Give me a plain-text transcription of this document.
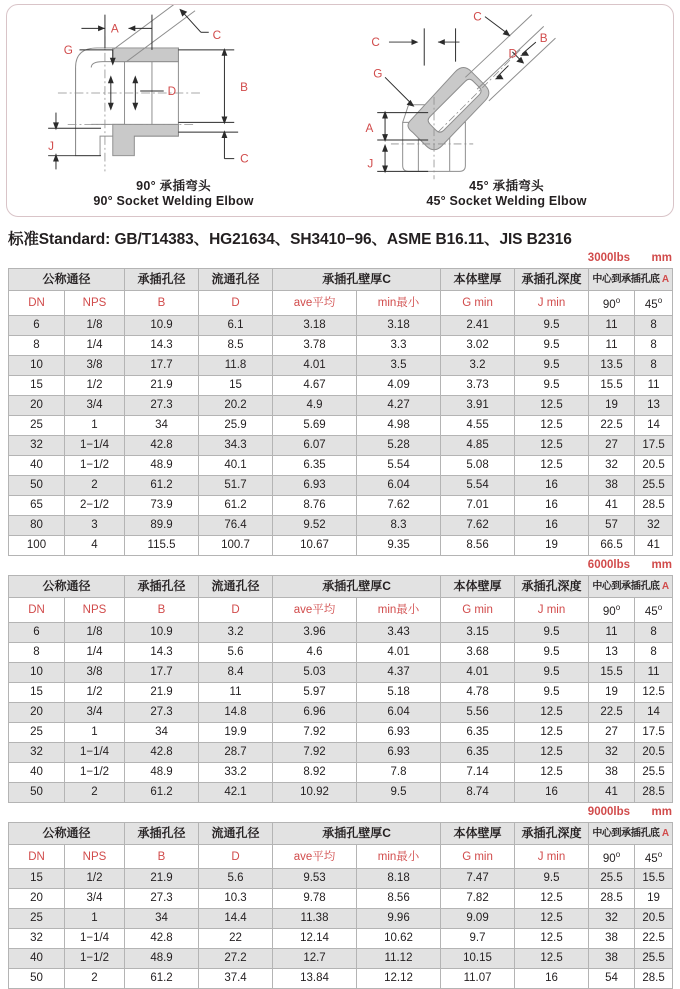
A
G
C
D	B
C
J
90° 承插弯头
90° Socket Welding Elbow
C
C
B
D
G
A
J
45° 承插弯头
45° Socket Welding Elbow
标准Standard: GB/T14383、HG21634、SH3410−96、ASME B16.11、JIS B2316
3000lbs mm
公称通径		承插孔径	流通孔径	承插孔壁厚C		本体壁厚	承插孔深度	中心到承插孔底 A	
DN	NPS	B	D	ave平均	min最小	G min	J min	90$^o$	45$^o$
6	1/8	10.9	6.1	3.18	3.18	2.41	9.5	11	8
8	1/4	14.3	8.5	3.78	3.3	3.02	9.5	11	8
10	3/8	17.7	11.8	4.01	3.5	3.2	9.5	13.5	8
15	1/2	21.9	15	4.67	4.09	3.73	9.5	15.5	11
20	3/4	27.3	20.2	4.9	4.27	3.91	12.5	19	13
25	1	34	25.9	5.69	4.98	4.55	12.5	22.5	14
32	1−1/4	42.8	34.3	6.07	5.28	4.85	12.5	27	17.5
40	1−1/2	48.9	40.1	6.35	5.54	5.08	12.5	32	20.5
50	2	61.2	51.7	6.93	6.04	5.54	16	38	25.5
65	2−1/2	73.9	61.2	8.76	7.62	7.01	16	41	28.5
80	3	89.9	76.4	9.52	8.3	7.62	16	57	32
100	4	115.5	100.7	10.67	9.35	8.56	19	66.5	41
6000lbs mm
公称通径		承插孔径	流通孔径	承插孔壁厚C		本体壁厚	承插孔深度	中心到承插孔底 A	
DN	NPS	B	D	ave平均	min最小	G min	J min	90$^o$	45$^o$
6	1/8	10.9	3.2	3.96	3.43	3.15	9.5	11	8
8	1/4	14.3	5.6	4.6	4.01	3.68	9.5	13	8
10	3/8	17.7	8.4	5.03	4.37	4.01	9.5	15.5	11
15	1/2	21.9	11	5.97	5.18	4.78	9.5	19	12.5
20	3/4	27.3	14.8	6.96	6.04	5.56	12.5	22.5	14
25	1	34	19.9	7.92	6.93	6.35	12.5	27	17.5
32	1−1/4	42.8	28.7	7.92	6.93	6.35	12.5	32	20.5
40	1−1/2	48.9	33.2	8.92	7.8	7.14	12.5	38	25.5
50	2	61.2	42.1	10.92	9.5	8.74	16	41	28.5
9000lbs mm
公称通径		承插孔径	流通孔径	承插孔壁厚C		本体壁厚	承插孔深度	中心到承插孔底 A	
DN	NPS	B	D	ave平均	min最小	G min	J min	90$^o$	45$^o$
15	1/2	21.9	5.6	9.53	8.18	7.47	9.5	25.5	15.5
20	3/4	27.3	10.3	9.78	8.56	7.82	12.5	28.5	19
25	1	34	14.4	11.38	9.96	9.09	12.5	32	20.5
32	1−1/4	42.8	22	12.14	10.62	9.7	12.5	38	22.5
40	1−1/2	48.9	27.2	12.7	11.12	10.15	12.5	38	25.5
50	2	61.2	37.4	13.84	12.12	11.07	16	54	28.5
